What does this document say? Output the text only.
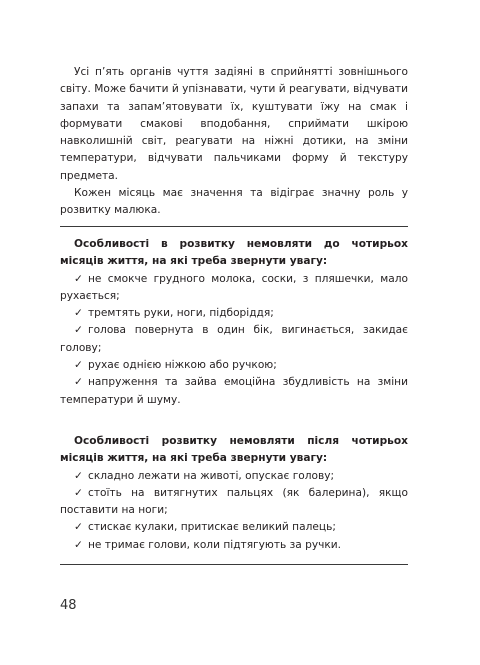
Усі п’ять органів чуття задіяні в сприйнятті зовнішнього світу. Може бачити й упізнавати, чути й реагувати, відчувати запахи та запам’ятовувати їх, куштувати їжу на смак і формувати смакові вподобання, сприймати шкірою навколишній світ, реагувати на ніжні дотики, на зміни температури, відчувати пальчиками форму й текстуру предмета.

Кожен місяць має значення та відіграє значну роль у розвитку малюка.

Особливості в розвитку немовляти до чотирьох місяців життя, на які треба звернути увагу:

✓ не смокче грудного молока, соски, з пляшечки, мало рухається;
✓ тремтять руки, ноги, підборіддя;
✓ голова повернута в один бік, вигинається, закидає голову;
✓ рухає однією ніжкою або ручкою;
✓ напруження та зайва емоційна збудливість на зміни температури й шуму.

Особливості розвитку немовляти після чотирьох місяців життя, на які треба звернути увагу:

✓ складно лежати на животі, опускає голову;
✓ стоїть на витягнутих пальцях (як балерина), якщо поставити на ноги;
✓ стискає кулаки, притискає великий палець;
✓ не тримає голови, коли підтягують за ручки.
48
